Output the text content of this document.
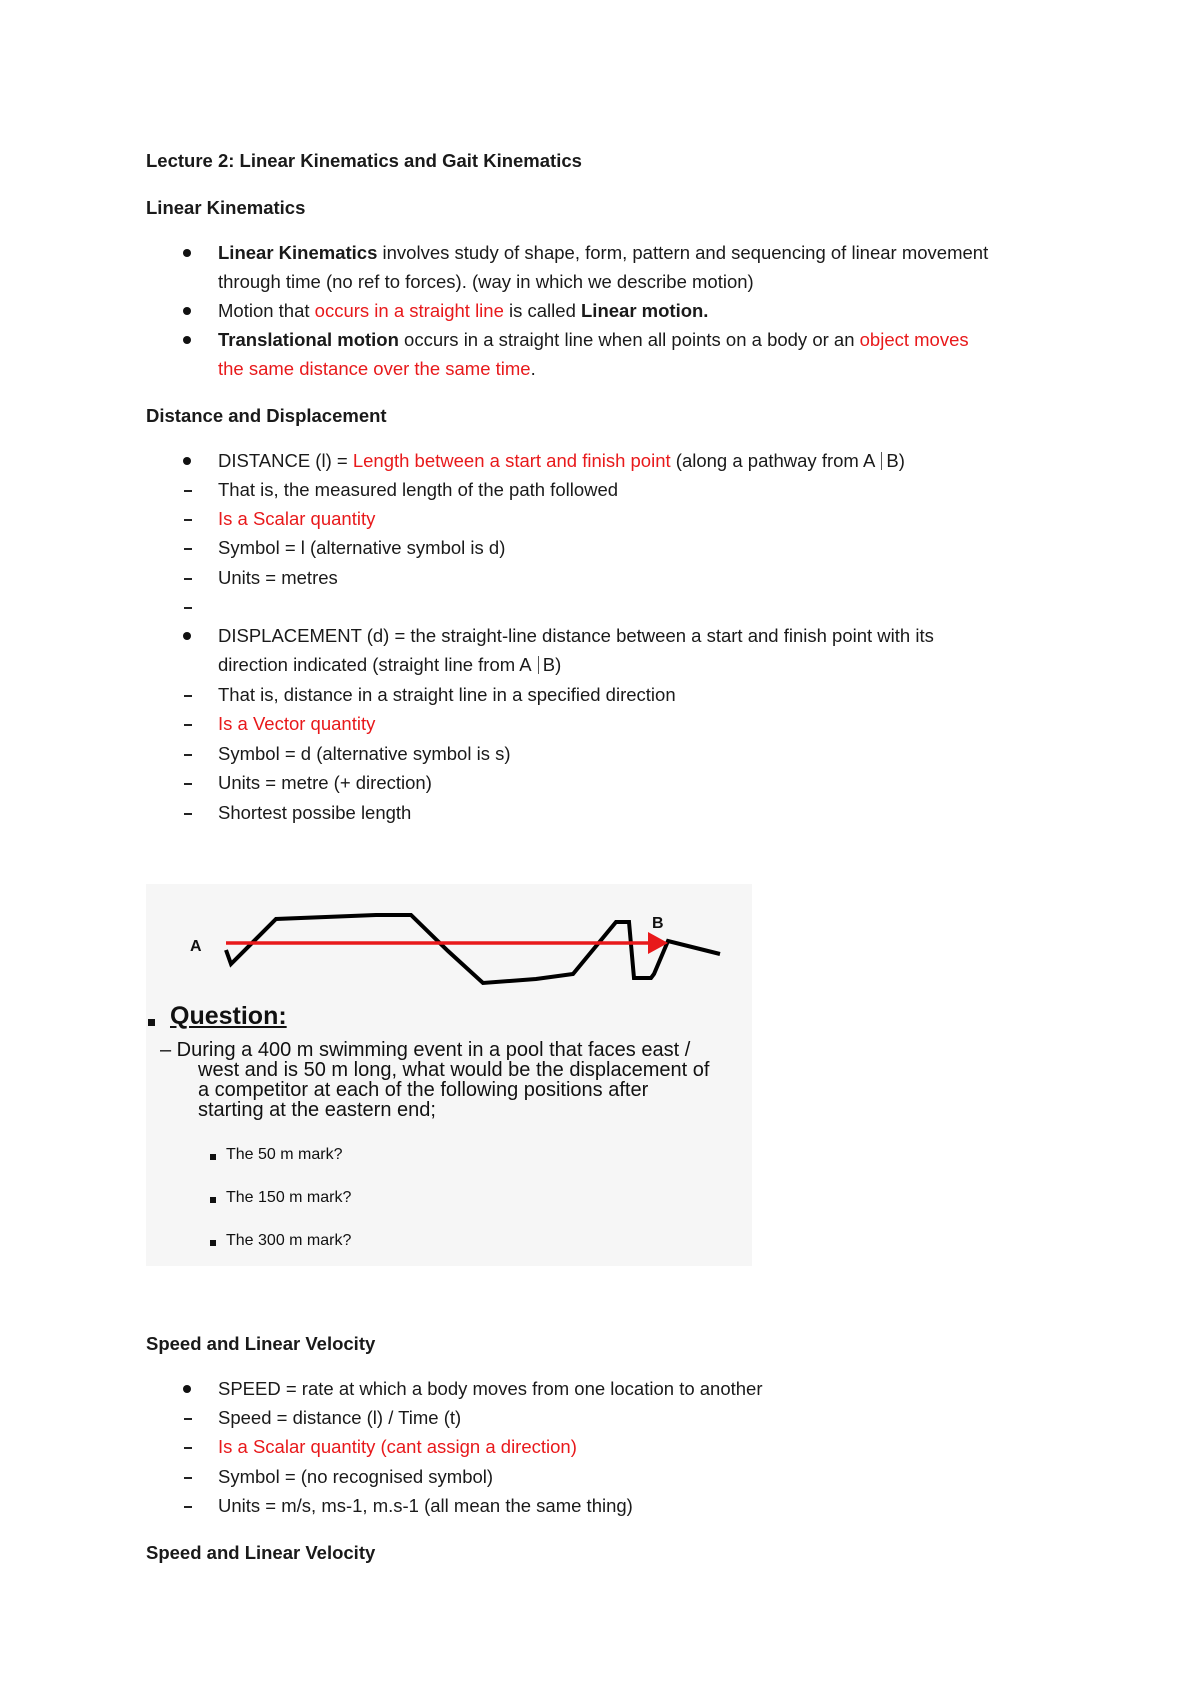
Lecture 2: Linear Kinematics and Gait Kinematics

Linear Kinematics

Linear Kinematics involves study of shape, form, pattern and sequencing of linear movement

through time (no ref to forces). (way in which we describe motion)

Motion that occurs in a straight line is called Linear motion.

Translational motion occurs in a straight line when all points on a body or an object moves

the same distance over the same time.

Distance and Displacement

DISTANCE (l) = Length between a start and finish point (along a pathway from A B)

That is, the measured length of the path followed

Is a Scalar quantity

Symbol = l (alternative symbol is d)

Units = metres

DISPLACEMENT (d) = the straight-line distance between a start and finish point with its

direction indicated (straight line from A B)

That is, distance in a straight line in a specified direction

Is a Vector quantity

Symbol = d (alternative symbol is s)

Units = metre (+ direction)

Shortest possibe length

A
B

Question:

– During a 400 m swimming event in a pool that faces east /

west and is 50 m long, what would be the displacement of

a competitor at each of the following positions after

starting at the eastern end;

The 50 m mark?

The 150 m mark?

The 300 m mark?

Speed and Linear Velocity

SPEED = rate at which a body moves from one location to another

Speed = distance (l) / Time (t)

Is a Scalar quantity (cant assign a direction)

Symbol = (no recognised symbol)

Units = m/s, ms-1, m.s-1 (all mean the same thing)

Speed and Linear Velocity
